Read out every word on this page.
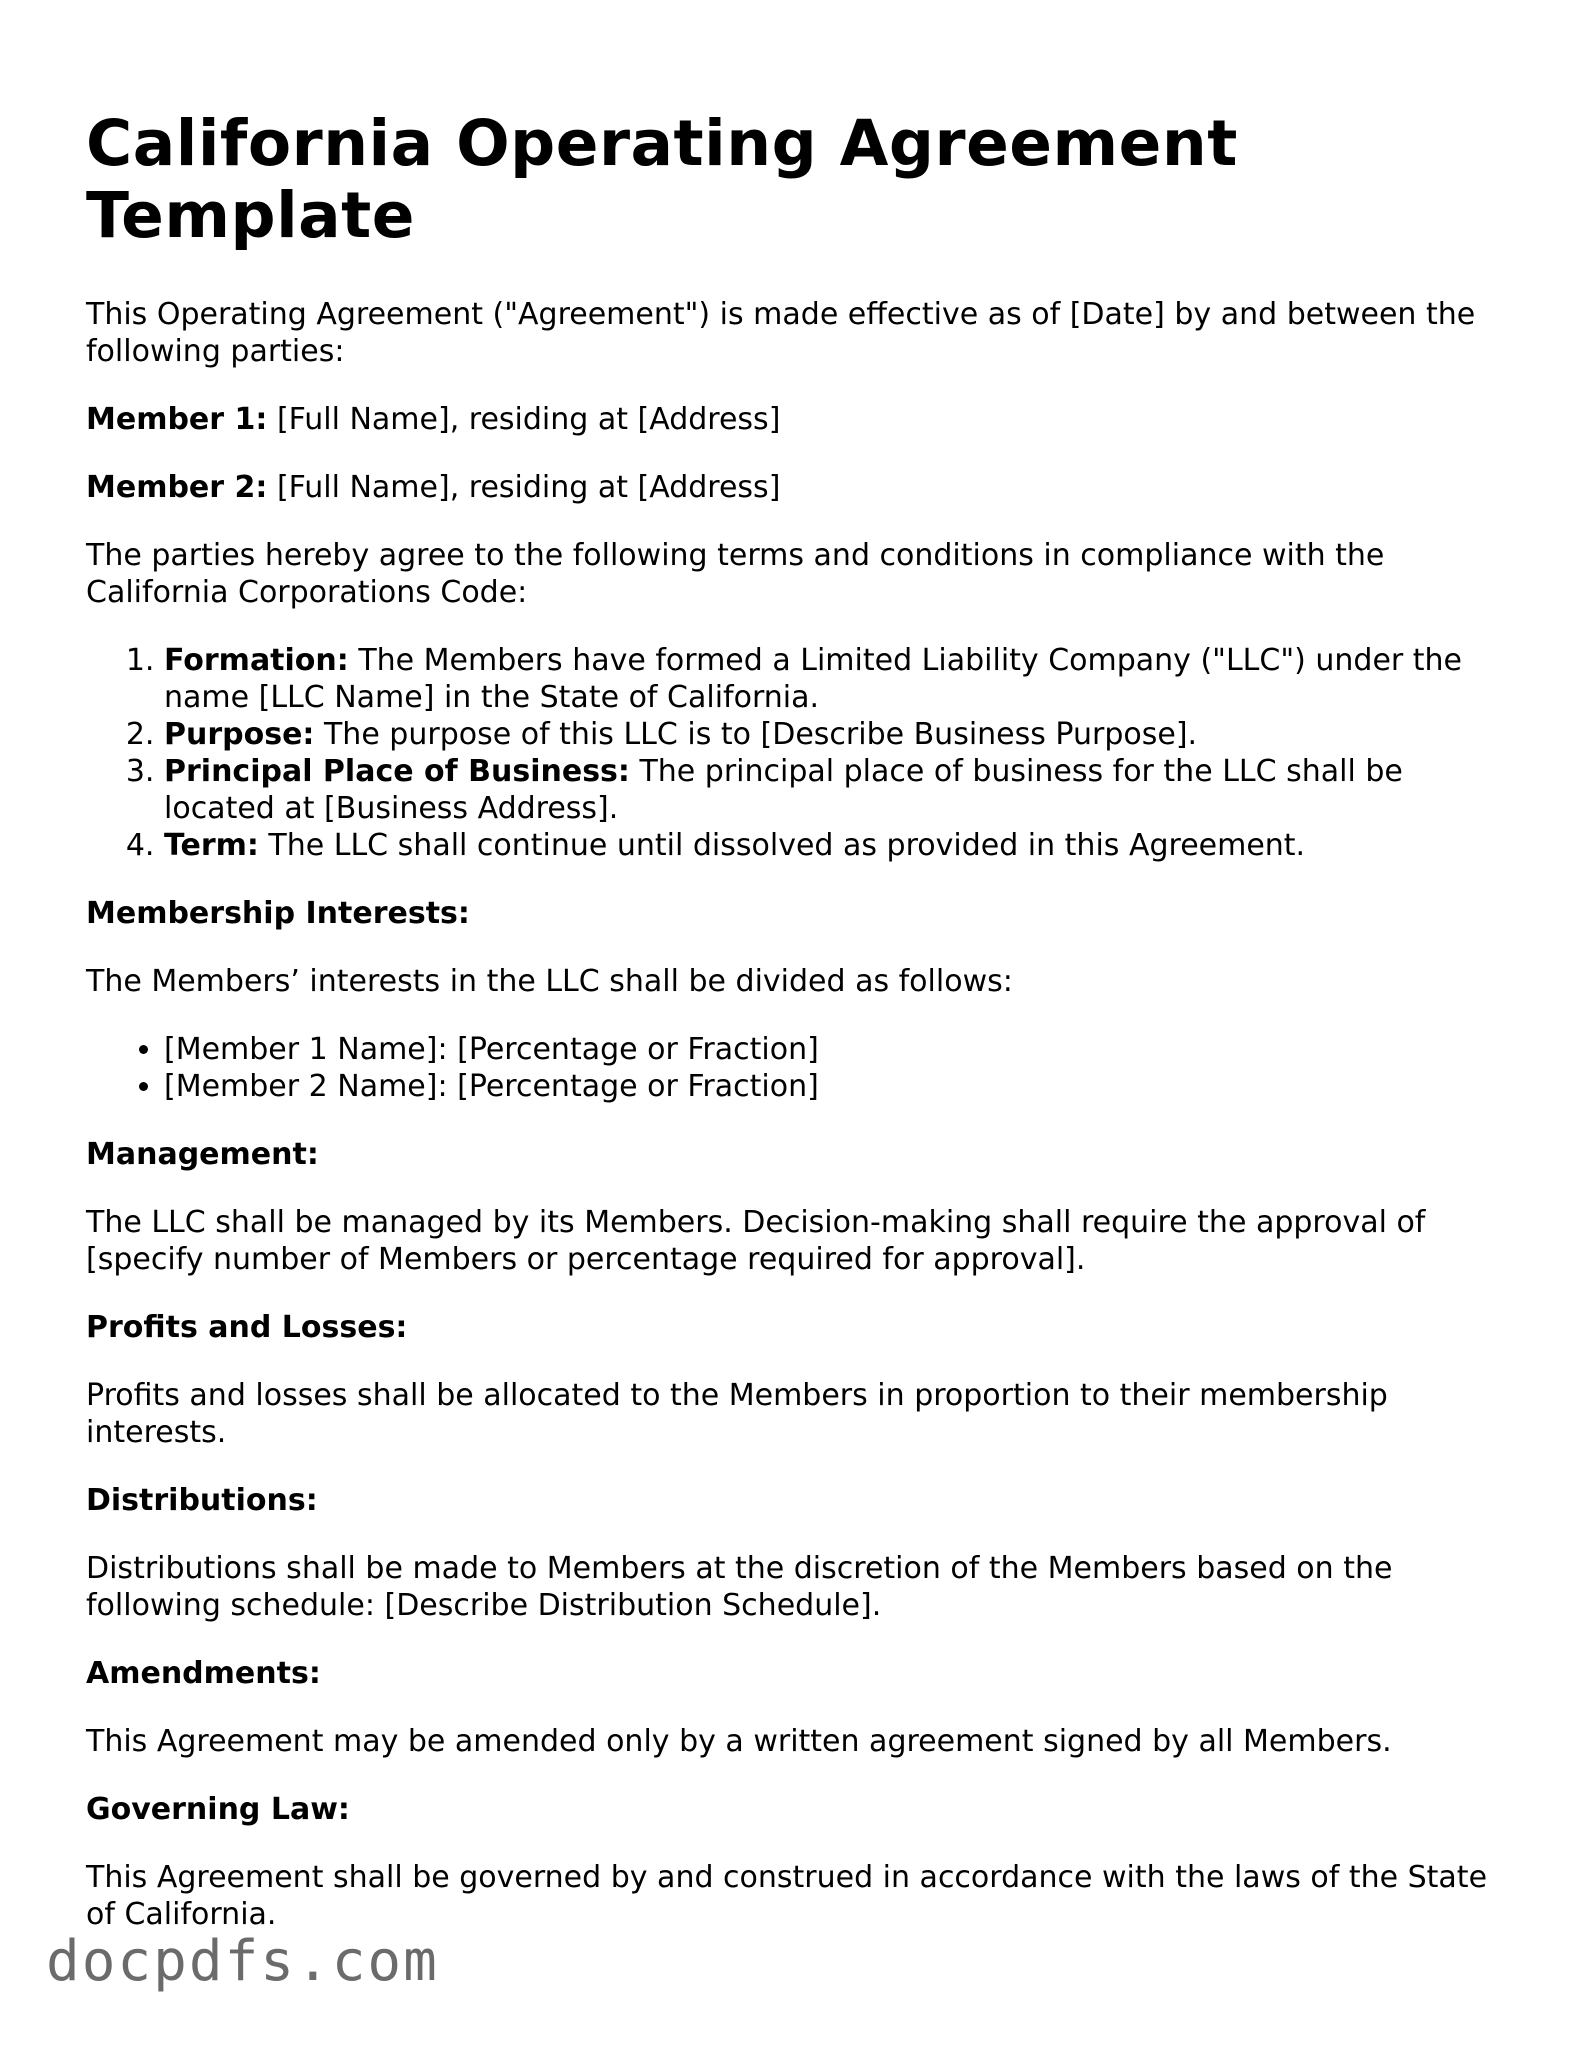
California Operating Agreement Template

This Operating Agreement ("Agreement") is made effective as of [Date] by and between the following parties:

Member 1: [Full Name], residing at [Address]

Member 2: [Full Name], residing at [Address]

The parties hereby agree to the following terms and conditions in compliance with the California Corporations Code:

1. Formation: The Members have formed a Limited Liability Company ("LLC") under the name [LLC Name] in the State of California.
2. Purpose: The purpose of this LLC is to [Describe Business Purpose].
3. Principal Place of Business: The principal place of business for the LLC shall be located at [Business Address].
4. Term: The LLC shall continue until dissolved as provided in this Agreement.
Membership Interests:

The Members’ interests in the LLC shall be divided as follows:

• [Member 1 Name]: [Percentage or Fraction]
• [Member 2 Name]: [Percentage or Fraction]
Management:

The LLC shall be managed by its Members. Decision-making shall require the approval of [specify number of Members or percentage required for approval].

Profits and Losses:

Profits and losses shall be allocated to the Members in proportion to their membership interests.

Distributions:

Distributions shall be made to Members at the discretion of the Members based on the following schedule: [Describe Distribution Schedule].

Amendments:

This Agreement may be amended only by a written agreement signed by all Members.

Governing Law:

This Agreement shall be governed by and construed in accordance with the laws of the State of California.

docpdfs.com
